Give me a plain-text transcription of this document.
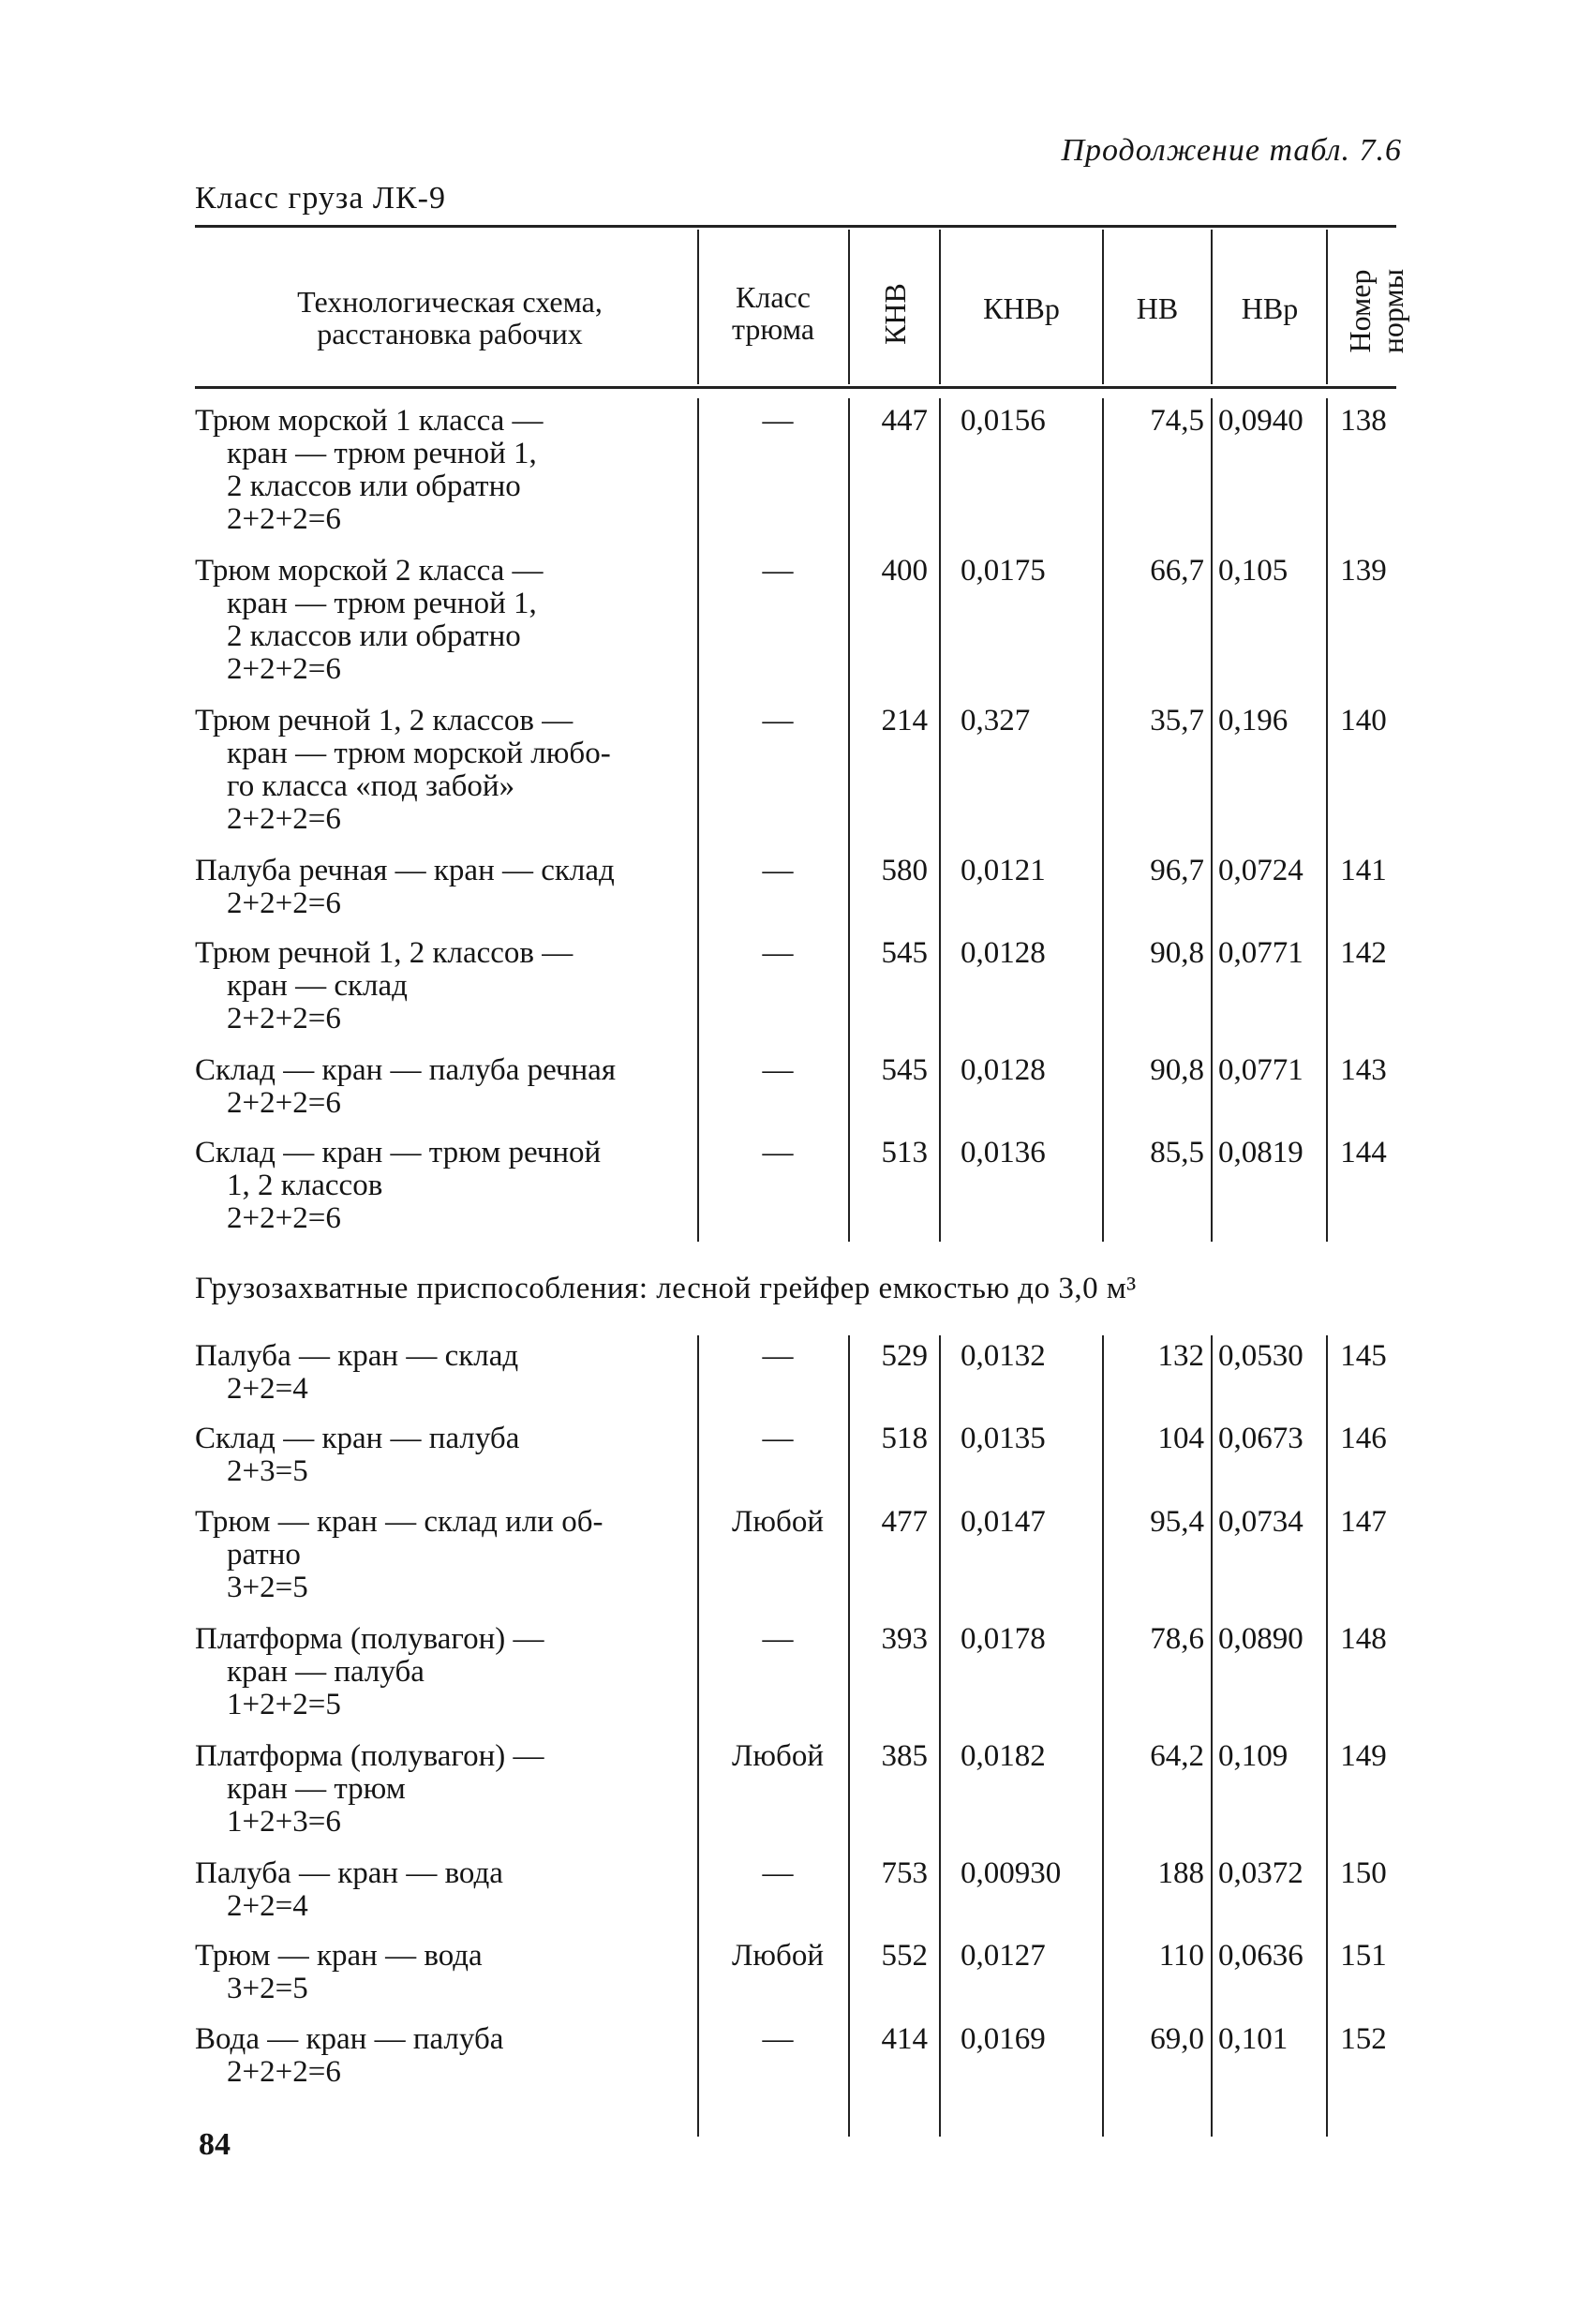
Продолжение табл. 7.6
Класс груза ЛК-9
Технологическая схема, расстановка рабочих
Класс трюма	КНВ	КНВр	НВ	НВр	Номер нормы
Трюм морской 1 класса —
кран — трюм речной 1,
2 классов или обратно
2+2+2=6
—	447 0,0156	74,5 0,0940	138
Трюм морской 2 класса —
кран — трюм речной 1,
2 классов или обратно
2+2+2=6
—	400 0,0175	66,7 0,105	139
Трюм речной 1, 2 классов —
кран — трюм морской любо-
го класса «под забой»
2+2+2=6
—	214 0,327	35,7 0,196	140
Палуба речная — кран — склад
2+2+2=6
—	580 0,0121	96,7 0,0724	141
Трюм речной 1, 2 классов —
кран — склад
2+2+2=6
—	545 0,0128	90,8 0,0771	142
Склад — кран — палуба речная
2+2+2=6
—	545 0,0128	90,8 0,0771	143
Склад — кран — трюм речной
1, 2 классов
2+2+2=6
—	513 0,0136	85,5 0,0819	144
Грузозахватные приспособления: лесной грейфер емкостью до 3,0 м³
Палуба — кран — склад
2+2=4
—	529 0,0132	132 0,0530	145
Склад — кран — палуба
2+3=5
—	518 0,0135	104 0,0673	146
Трюм — кран — склад или об-
ратно
3+2=5
Любой	477 0,0147	95,4 0,0734	147
Платформа (полувагон) —
кран — палуба
1+2+2=5
—	393 0,0178	78,6 0,0890	148
Платформа (полувагон) —
кран — трюм
1+2+3=6
Любой	385 0,0182	64,2 0,109	149
Палуба — кран — вода
2+2=4
—	753 0,00930	188 0,0372	150
Трюм — кран — вода
3+2=5
Любой	552 0,0127	110 0,0636	151
Вода — кран — палуба
2+2+2=6
—	414 0,0169	69,0 0,101	152
84
